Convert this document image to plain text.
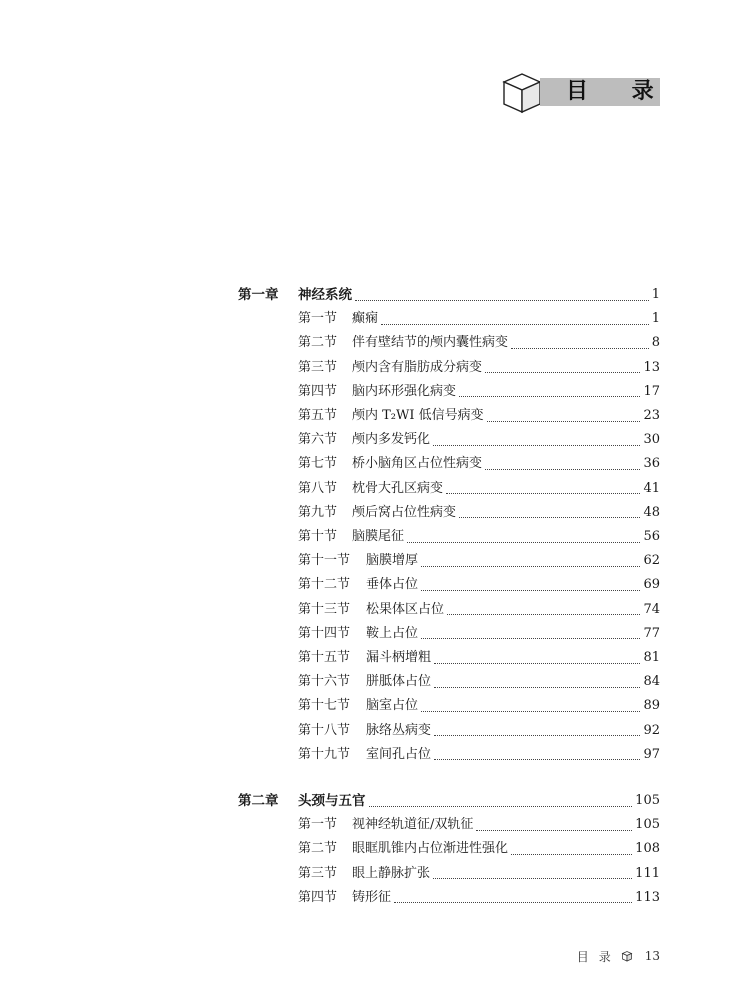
目 录
第一章	神经系统	1
第一节	癫痫	1
第二节	伴有壁结节的颅内囊性病变	8
第三节	颅内含有脂肪成分病变	13
第四节	脑内环形强化病变	17
第五节	颅内 T₂WI 低信号病变	23
第六节	颅内多发钙化	30
第七节	桥小脑角区占位性病变	36
第八节	枕骨大孔区病变	41
第九节	颅后窝占位性病变	48
第十节	脑膜尾征	56
第十一节	脑膜增厚	62
第十二节	垂体占位	69
第十三节	松果体区占位	74
第十四节	鞍上占位	77
第十五节	漏斗柄增粗	81
第十六节	胼胝体占位	84
第十七节	脑室占位	89
第十八节	脉络丛病变	92
第十九节	室间孔占位	97
第二章	头颈与五官	105
第一节	视神经轨道征/双轨征	105
第二节	眼眶肌锥内占位渐进性强化	108
第三节	眼上静脉扩张	111
第四节	铸形征	113
目录 13
